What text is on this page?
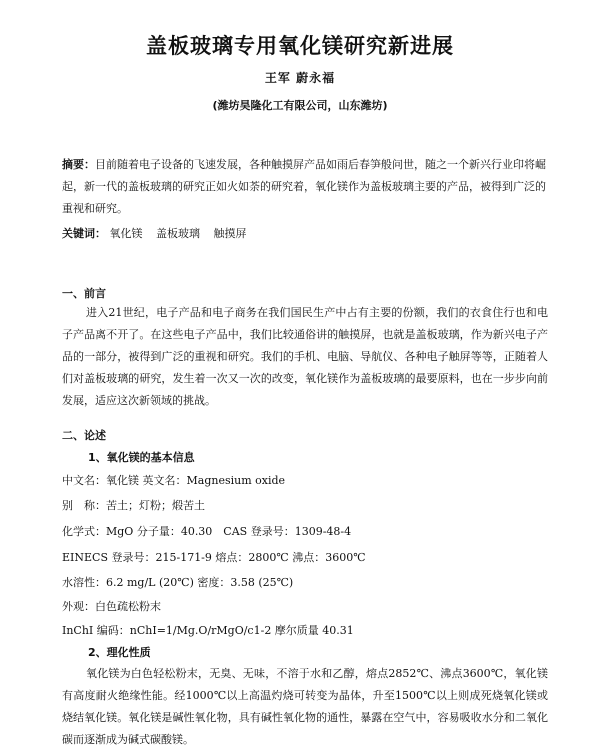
盖板玻璃专用氧化镁研究新进展
王军 蔚永福
(潍坊昊隆化工有限公司，山东潍坊)
摘要：目前随着电子设备的飞速发展，各种触摸屏产品如雨后春笋般问世，随之一个新兴行业印将崛起，新一代的盖板玻璃的研究正如火如荼的研究着，氧化镁作为盖板玻璃主要的产品，被得到广泛的重视和研究。
关键词： 氧化镁 盖板玻璃 触摸屏
一、前言
进入21世纪，电子产品和电子商务在我们国民生产中占有主要的份额，我们的衣食住行也和电子产品离不开了。在这些电子产品中，我们比较通俗讲的触摸屏，也就是盖板玻璃，作为新兴电子产品的一部分，被得到广泛的重视和研究。我们的手机、电脑、导航仪、各种电子触屏等等，正随着人们对盖板玻璃的研究，发生着一次又一次的改变，氧化镁作为盖板玻璃的最要原料，也在一步步向前发展，适应这次新领域的挑战。
二、论述
1、氧化镁的基本信息
中文名：氧化镁 英文名：Magnesium oxide
别　称：苦土；灯粉；煅苦土
化学式：MgO 分子量：40.30　CAS 登录号：1309-48-4
EINECS 登录号：215-171-9 熔点：2800℃ 沸点：3600℃
水溶性：6.2 mg/L (20℃) 密度：3.58 (25℃)
外观：白色疏松粉末
InChI 编码：nChI=1/Mg.O/rMgO/c1-2 摩尔质量 40.31
2、理化性质
氧化镁为白色轻松粉末，无臭、无味，不溶于水和乙醇，熔点2852℃、沸点3600℃，氧化镁有高度耐火绝缘性能。经1000℃以上高温灼烧可转变为晶体，升至1500℃以上则成死烧氧化镁或烧结氧化镁。氧化镁是碱性氧化物，具有碱性氧化物的通性，暴露在空气中，容易吸收水分和二氧化碳而逐渐成为碱式碳酸镁。
